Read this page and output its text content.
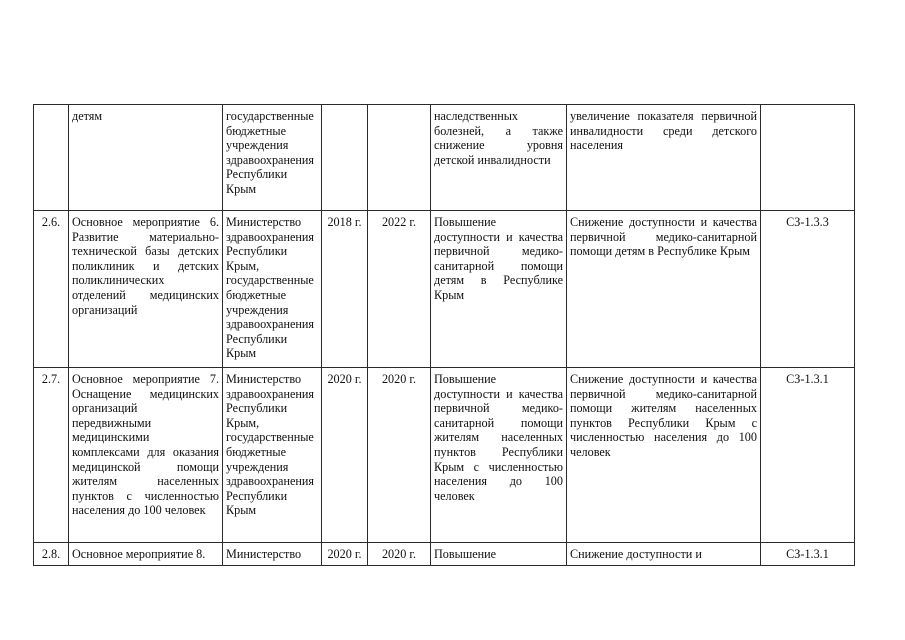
	детям	государственные бюджетные учреждения здравоохранения Республики Крым			наследственных болезней, а также снижение уровня детской инвалидности	увеличение показателя первичной инвалидности среди детского населения	
2.6.	Основное мероприятие 6. Развитие материально-технической базы детских поликлиник и детских поликлинических отделений медицинских организаций	Министерство здравоохранения Республики Крым, государственные бюджетные учреждения здравоохранения Республики Крым	2018 г.	2022 г.	Повышение доступности и качества первичной медико-санитарной помощи детям в Республике Крым	Снижение доступности и качества первичной медико-санитарной помощи детям в Республике Крым	СЗ-1.3.3
2.7.	Основное мероприятие 7. Оснащение медицинских организаций передвижными медицинскими комплексами для оказания медицинской помощи жителям населенных пунктов с численностью населения до 100 человек	Министерство здравоохранения Республики Крым, государственные бюджетные учреждения здравоохранения Республики Крым	2020 г.	2020 г.	Повышение доступности и качества первичной медико-санитарной помощи жителям населенных пунктов Республики Крым с численностью населения до 100 человек	Снижение доступности и качества первичной медико-санитарной помощи жителям населенных пунктов Республики Крым с численностью населения до 100 человек	СЗ-1.3.1
2.8.	Основное мероприятие 8.	Министерство	2020 г.	2020 г.	Повышение	Снижение доступности и	СЗ-1.3.1
